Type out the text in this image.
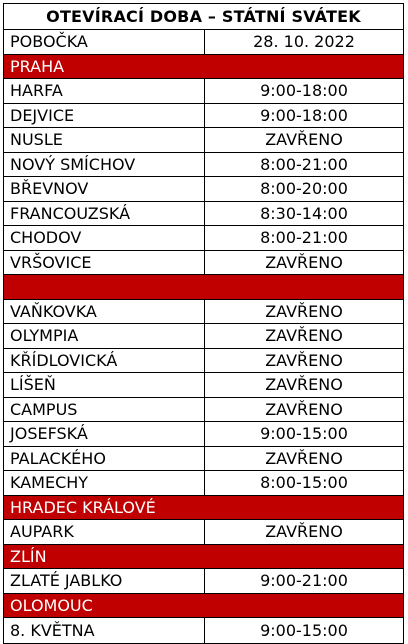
OTEVÍRACÍ DOBA – STÁTNÍ SVÁTEK
POBOČKA	28. 10. 2022
PRAHA
HARFA	9:00-18:00
DEJVICE	9:00-18:00
NUSLE	ZAVŘENO
NOVÝ SMÍCHOV	8:00-21:00
BŘEVNOV	8:00-20:00
FRANCOUZSKÁ	8:30-14:00
CHODOV	8:00-21:00
VRŠOVICE	ZAVŘENO
VAŇKOVKA	ZAVŘENO
OLYMPIA	ZAVŘENO
KŘÍDLOVICKÁ	ZAVŘENO
LÍŠEŇ	ZAVŘENO
CAMPUS	ZAVŘENO
JOSEFSKÁ	9:00-15:00
PALACKÉHO	ZAVŘENO
KAMECHY	8:00-15:00
HRADEC KRÁLOVÉ
AUPARK	ZAVŘENO
ZLÍN
ZLATÉ JABLKO	9:00-21:00
OLOMOUC
8. KVĚTNA	9:00-15:00
